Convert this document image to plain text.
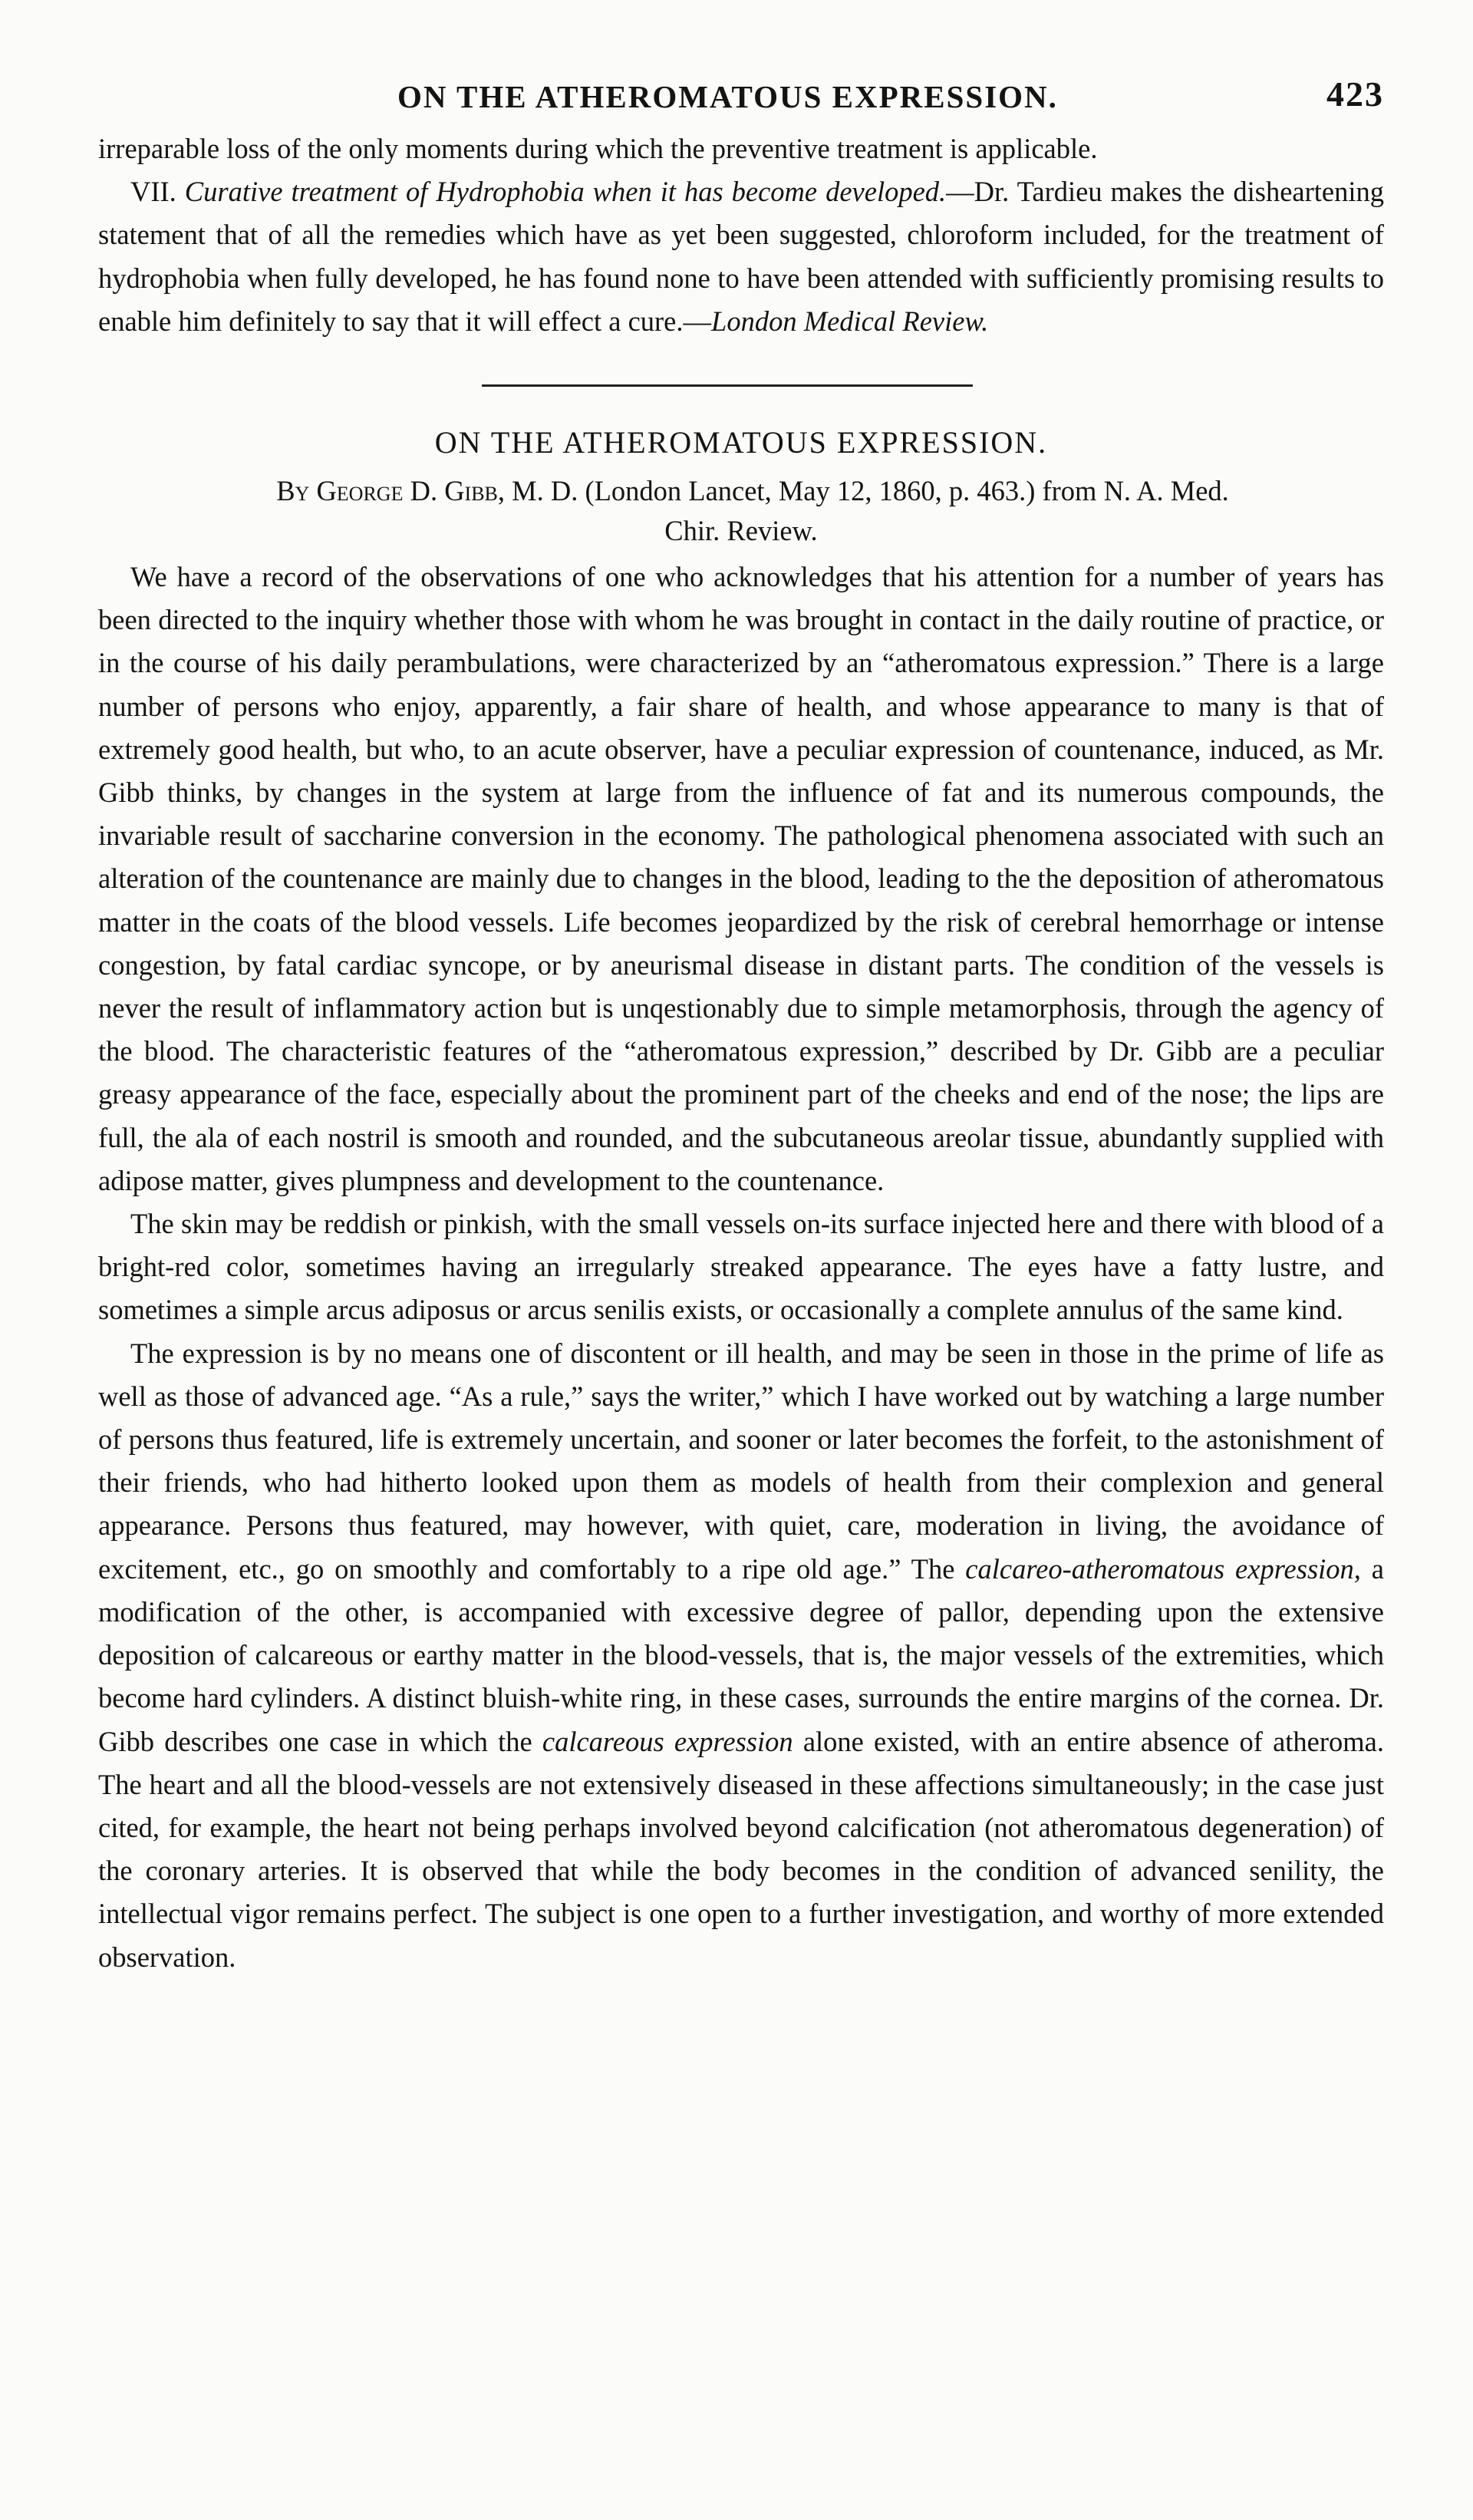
ON THE ATHEROMATOUS EXPRESSION.	423

irreparable loss of the only moments during which the preventive treatment is applicable.

VII. Curative treatment of Hydrophobia when it has become developed.—Dr. Tardieu makes the disheartening statement that of all the remedies which have as yet been suggested, chloroform included, for the treatment of hydrophobia when fully developed, he has found none to have been attended with sufficiently promising results to enable him definitely to say that it will effect a cure.—London Medical Review.

ON THE ATHEROMATOUS EXPRESSION.
By George D. Gibb, M. D. (London Lancet, May 12, 1860, p. 463.) from N. A. Med.
Chir. Review.

We have a record of the observations of one who acknowledges that his attention for a number of years has been directed to the inquiry whether those with whom he was brought in contact in the daily routine of practice, or in the course of his daily perambulations, were characterized by an “atheromatous expression.” There is a large number of persons who enjoy, apparently, a fair share of health, and whose appearance to many is that of extremely good health, but who, to an acute observer, have a peculiar expression of countenance, induced, as Mr. Gibb thinks, by changes in the system at large from the influence of fat and its numerous compounds, the invariable result of saccharine conversion in the economy. The pathological phenomena associated with such an alteration of the countenance are mainly due to changes in the blood, leading to the the deposition of atheromatous matter in the coats of the blood vessels. Life becomes jeopardized by the risk of cerebral hemorrhage or intense congestion, by fatal cardiac syncope, or by aneurismal disease in distant parts. The condition of the vessels is never the result of inflammatory action but is unqestionably due to simple metamorphosis, through the agency of the blood. The characteristic features of the “atheromatous expression,” described by Dr. Gibb are a peculiar greasy appearance of the face, especially about the prominent part of the cheeks and end of the nose; the lips are full, the ala of each nostril is smooth and rounded, and the subcutaneous areolar tissue, abundantly supplied with adipose matter, gives plumpness and development to the countenance.

The skin may be reddish or pinkish, with the small vessels on-its surface injected here and there with blood of a bright-red color, sometimes having an irregularly streaked appearance. The eyes have a fatty lustre, and sometimes a simple arcus adiposus or arcus senilis exists, or occasionally a complete annulus of the same kind.

The expression is by no means one of discontent or ill health, and may be seen in those in the prime of life as well as those of advanced age. “As a rule,” says the writer,” which I have worked out by watching a large number of persons thus featured, life is extremely uncertain, and sooner or later becomes the forfeit, to the astonishment of their friends, who had hitherto looked upon them as models of health from their complexion and general appearance. Persons thus featured, may however, with quiet, care, moderation in living, the avoidance of excitement, etc., go on smoothly and comfortably to a ripe old age.” The calcareo-atheromatous expression, a modification of the other, is accompanied with excessive degree of pallor, depending upon the extensive deposition of calcareous or earthy matter in the blood-vessels, that is, the major vessels of the extremities, which become hard cylinders. A distinct bluish-white ring, in these cases, surrounds the entire margins of the cornea. Dr. Gibb describes one case in which the calcareous expression alone existed, with an entire absence of atheroma. The heart and all the blood-vessels are not extensively diseased in these affections simultaneously; in the case just cited, for example, the heart not being perhaps involved beyond calcification (not atheromatous degeneration) of the coronary arteries. It is observed that while the body becomes in the condition of advanced senility, the intellectual vigor remains perfect. The subject is one open to a further investigation, and worthy of more extended observation.
